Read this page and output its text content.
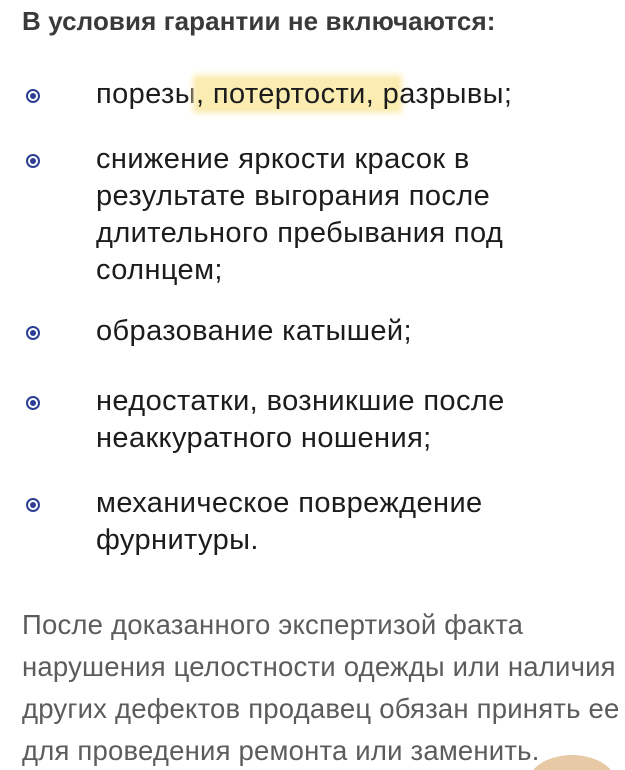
В условия гарантии не включаются:
порезы, потертости, разрывы;
снижение яркости красок в результате выгорания после длительного пребывания под солнцем;
образование катышей;
недостатки, возникшие после неаккуратного ношения;
механическое повреждение фурнитуры.
После доказанного экспертизой факта нарушения целостности одежды или наличия других дефектов продавец обязан принять ее для проведения ремонта или заменить.
